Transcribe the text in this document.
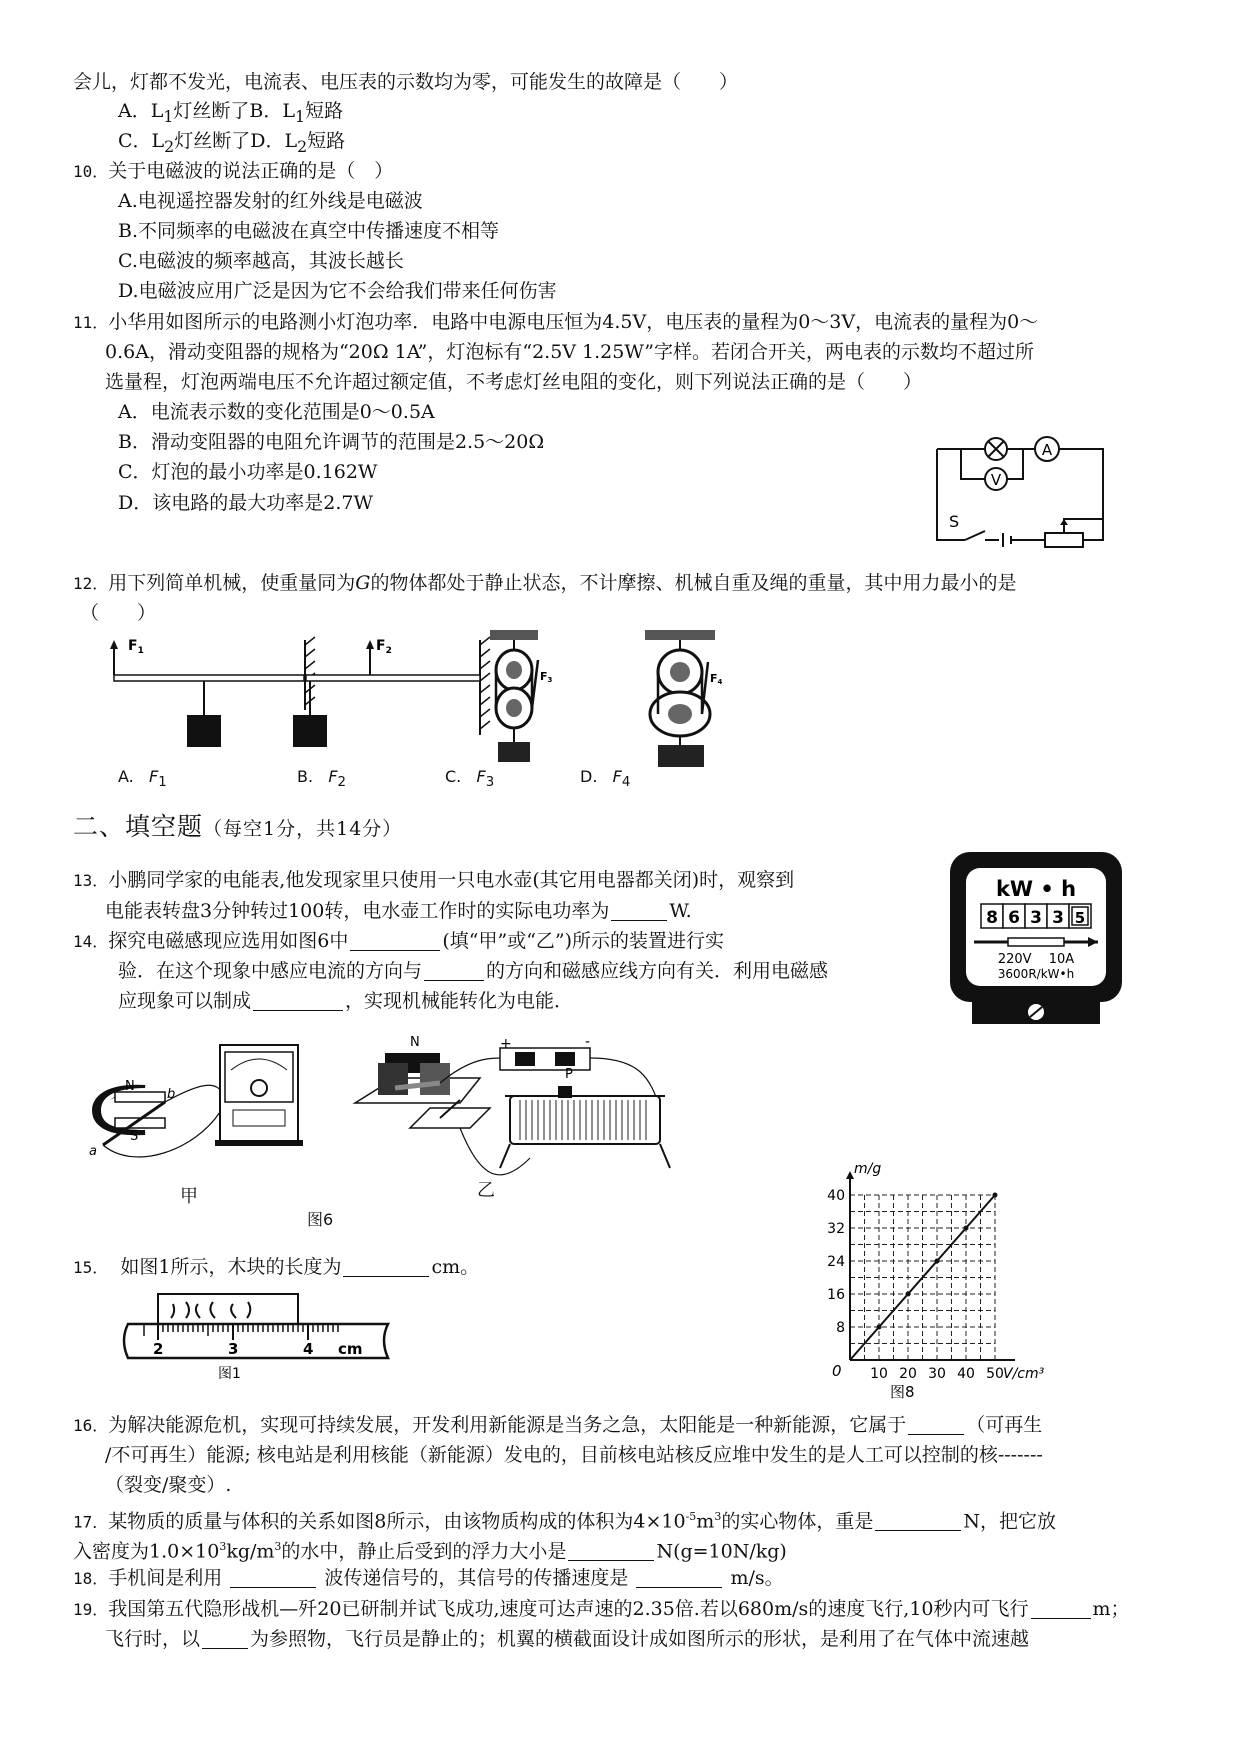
会儿，灯都不发光，电流表、电压表的示数均为零，可能发生的故障是（　　）
A．$L_1$灯丝断了B．$L_1$短路
C．$L_2$灯丝断了D．$L_2$短路
10．关于电磁波的说法正确的是（　）
A.电视遥控器发射的红外线是电磁波
B.不同频率的电磁波在真空中传播速度不相等
C.电磁波的频率越高，其波长越长
D.电磁波应用广泛是因为它不会给我们带来任何伤害
11．小华用如图所示的电路测小灯泡功率．电路中电源电压恒为4.5V，电压表的量程为0～3V，电流表的量程为0～
0.6A，滑动变阻器的规格为“20Ω 1A”，灯泡标有“2.5V 1.25W”字样。若闭合开关，两电表的示数均不超过所
选量程，灯泡两端电压不允许超过额定值，不考虑灯丝电阻的变化，则下列说法正确的是（　　）
A．电流表示数的变化范围是0～0.5A
B．滑动变阻器的电阻允许调节的范围是2.5～20Ω
C．灯泡的最小功率是0.162W
D．该电路的最大功率是2.7W
A
V
S
12．用下列简单机械，使重量同为G的物体都处于静止状态，不计摩擦、机械自重及绳的重量，其中用力最小的是
（　　）
$F_1$	$F_2$
F3	F4
A. $F_1$	B. $F_2$	C. $F_3$	D. $F_4$
二、填空题（每空1分，共14分）
13．小鹏同学家的电能表,他发现家里只使用一只电水壶(其它用电器都关闭)时，观察到
电能表转盘3分钟转过100转，电水壶工作时的实际电功率为	W.
kW • h
8 6 3 3 5
220V　 10A
3600R/kW•h
14．探究电磁感现应选用如图6中	(填“甲”或“乙”)所示的装置进行实
验．在这个现象中感应电流的方向与	的方向和磁感应线方向有关．利用电磁感
应现象可以制成	，实现机械能转化为电能．
N
S
a
b
N	+	-
P
甲	乙
图6
15． 如图1所示，木块的长度为	cm。
2	3	4 cm
图1
8
16
24
32
40
10 20 30 40 50
m/g
V/cm³
0
图8
16．为解决能源危机，实现可持续发展，开发利用新能源是当务之急，太阳能是一种新能源，它属于	（可再生
/不可再生）能源; 核电站是利用核能（新能源）发电的，目前核电站核反应堆中发生的是人工可以控制的核-------
（裂变/聚变）.
17．某物质的质量与体积的关系如图8所示，由该物质构成的体积为$4\times 10^{-5}m^3$的实心物体，重是	N，把它放
入密度为$1.0\times 10^3kg/m^3$的水中，静止后受到的浮力大小是	N(g=10N/kg)
18．手机间是利用	波传递信号的，其信号的传播速度是	m/s。
19．我国第五代隐形战机—歼20已研制并试飞成功,速度可达声速的2.35倍.若以680m/s的速度飞行,10秒内可飞行	m；
飞行时，以	为参照物，飞行员是静止的；机翼的横截面设计成如图所示的形状，是利用了在气体中流速越
